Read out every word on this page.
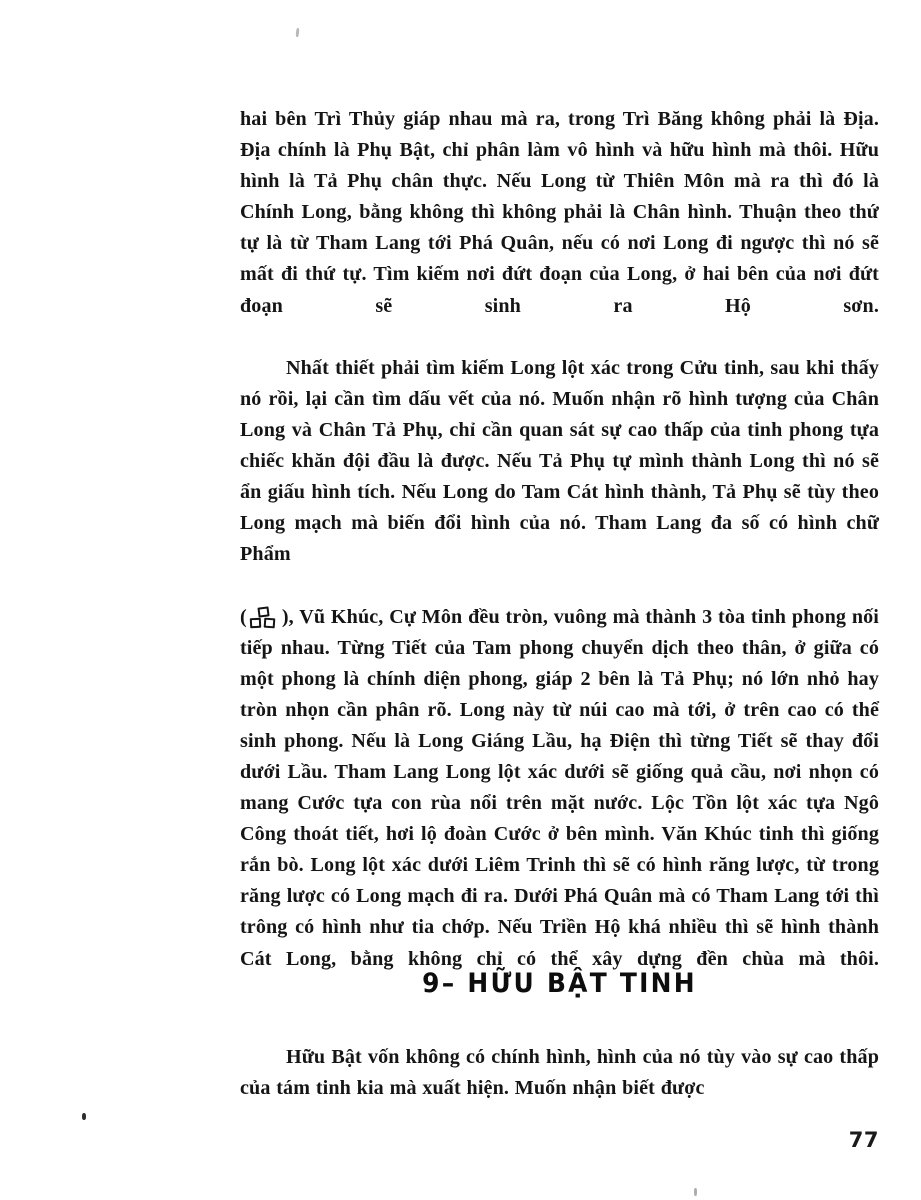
hai bên Trì Thủy giáp nhau mà ra, trong Trì Băng không phải là Địa. Địa chính là Phụ Bật, chỉ phân làm vô hình và hữu hình mà thôi. Hữu hình là Tả Phụ chân thực. Nếu Long từ Thiên Môn mà ra thì đó là Chính Long, bằng không thì không phải là Chân hình. Thuận theo thứ tự là từ Tham Lang tới Phá Quân, nếu có nơi Long đi ngược thì nó sẽ mất đi thứ tự. Tìm kiếm nơi đứt đoạn của Long, ở hai bên của nơi đứt đoạn sẽ sinh ra Hộ sơn.

Nhất thiết phải tìm kiếm Long lột xác trong Cửu tinh, sau khi thấy nó rồi, lại cần tìm dấu vết của nó. Muốn nhận rõ hình tượng của Chân Long và Chân Tả Phụ, chỉ cần quan sát sự cao thấp của tinh phong tựa chiếc khăn đội đầu là được. Nếu Tả Phụ tự mình thành Long thì nó sẽ ẩn giấu hình tích. Nếu Long do Tam Cát hình thành, Tả Phụ sẽ tùy theo Long mạch mà biến đổi hình của nó. Tham Lang đa số có hình chữ Phẩm

( ), Vũ Khúc, Cự Môn đều tròn, vuông mà thành 3 tòa tinh phong nối tiếp nhau. Từng Tiết của Tam phong chuyển dịch theo thân, ở giữa có một phong là chính diện phong, giáp 2 bên là Tả Phụ; nó lớn nhỏ hay tròn nhọn cần phân rõ. Long này từ núi cao mà tới, ở trên cao có thể sinh phong. Nếu là Long Giáng Lầu, hạ Điện thì từng Tiết sẽ thay đổi dưới Lầu. Tham Lang Long lột xác dưới sẽ giống quả cầu, nơi nhọn có mang Cước tựa con rùa nổi trên mặt nước. Lộc Tồn lột xác tựa Ngô Công thoát tiết, hơi lộ đoàn Cước ở bên mình. Văn Khúc tinh thì giống rắn bò. Long lột xác dưới Liêm Trinh thì sẽ có hình răng lược, từ trong răng lược có Long mạch đi ra. Dưới Phá Quân mà có Tham Lang tới thì trông có hình như tia chớp. Nếu Triền Hộ khá nhiều thì sẽ hình thành Cát Long, bằng không chỉ có thể xây dựng đền chùa mà thôi.

9– HỮU BẬT TINH

Hữu Bật vốn không có chính hình, hình của nó tùy vào sự cao thấp của tám tinh kia mà xuất hiện. Muốn nhận biết được

77
